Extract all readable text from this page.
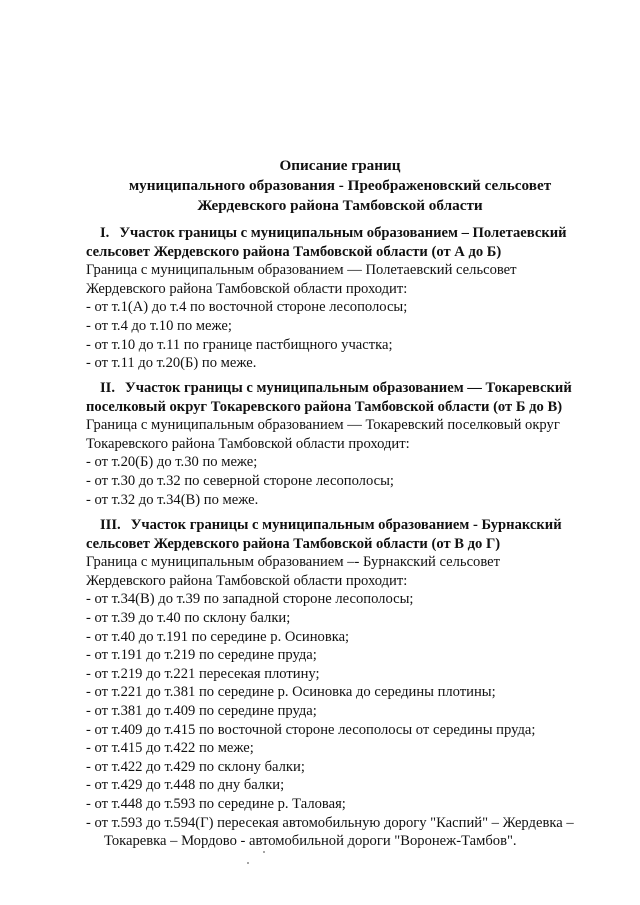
Описание границ
муниципального образования - Преображеновский сельсовет
Жердевского района Тамбовской области
I. Участок границы с муниципальным образованием – Полетаевский
сельсовет Жердевского района Тамбовской области (от А до Б)
Граница с муниципальным образованием — Полетаевский сельсовет
Жердевского района Тамбовской области проходит:
- от т.1(А) до т.4 по восточной стороне лесополосы;
- от т.4 до т.10 по меже;
- от т.10 до т.11 по границе пастбищного участка;
- от т.11 до т.20(Б) по меже.
II. Участок границы с муниципальным образованием — Токаревский
поселковый округ Токаревского района Тамбовской области (от Б до В)
Граница с муниципальным образованием — Токаревский поселковый округ
Токаревского района Тамбовской области проходит:
- от т.20(Б) до т.30 по меже;
- от т.30 до т.32 по северной стороне лесополосы;
- от т.32 до т.34(В) по меже.
III. Участок границы с муниципальным образованием - Бурнакский
сельсовет Жердевского района Тамбовской области (от В до Г)
Граница с муниципальным образованием –- Бурнакский сельсовет
Жердевского района Тамбовской области проходит:
- от т.34(В) до т.39 по западной стороне лесополосы;
- от т.39 до т.40 по склону балки;
- от т.40 до т.191 по середине р. Осиновка;
- от т.191 до т.219 по середине пруда;
- от т.219 до т.221 пересекая плотину;
- от т.221 до т.381 по середине р. Осиновка до середины плотины;
- от т.381 до т.409 по середине пруда;
- от т.409 до т.415 по восточной стороне лесополосы от середины пруда;
- от т.415 до т.422 по меже;
- от т.422 до т.429 по склону балки;
- от т.429 до т.448 по дну балки;
- от т.448 до т.593 по середине р. Таловая;
- от т.593 до т.594(Г) пересекая автомобильную дорогу "Каспий" – Жердевка –
Токаревка – Мордово - автомобильной дороги "Воронеж-Тамбов".
